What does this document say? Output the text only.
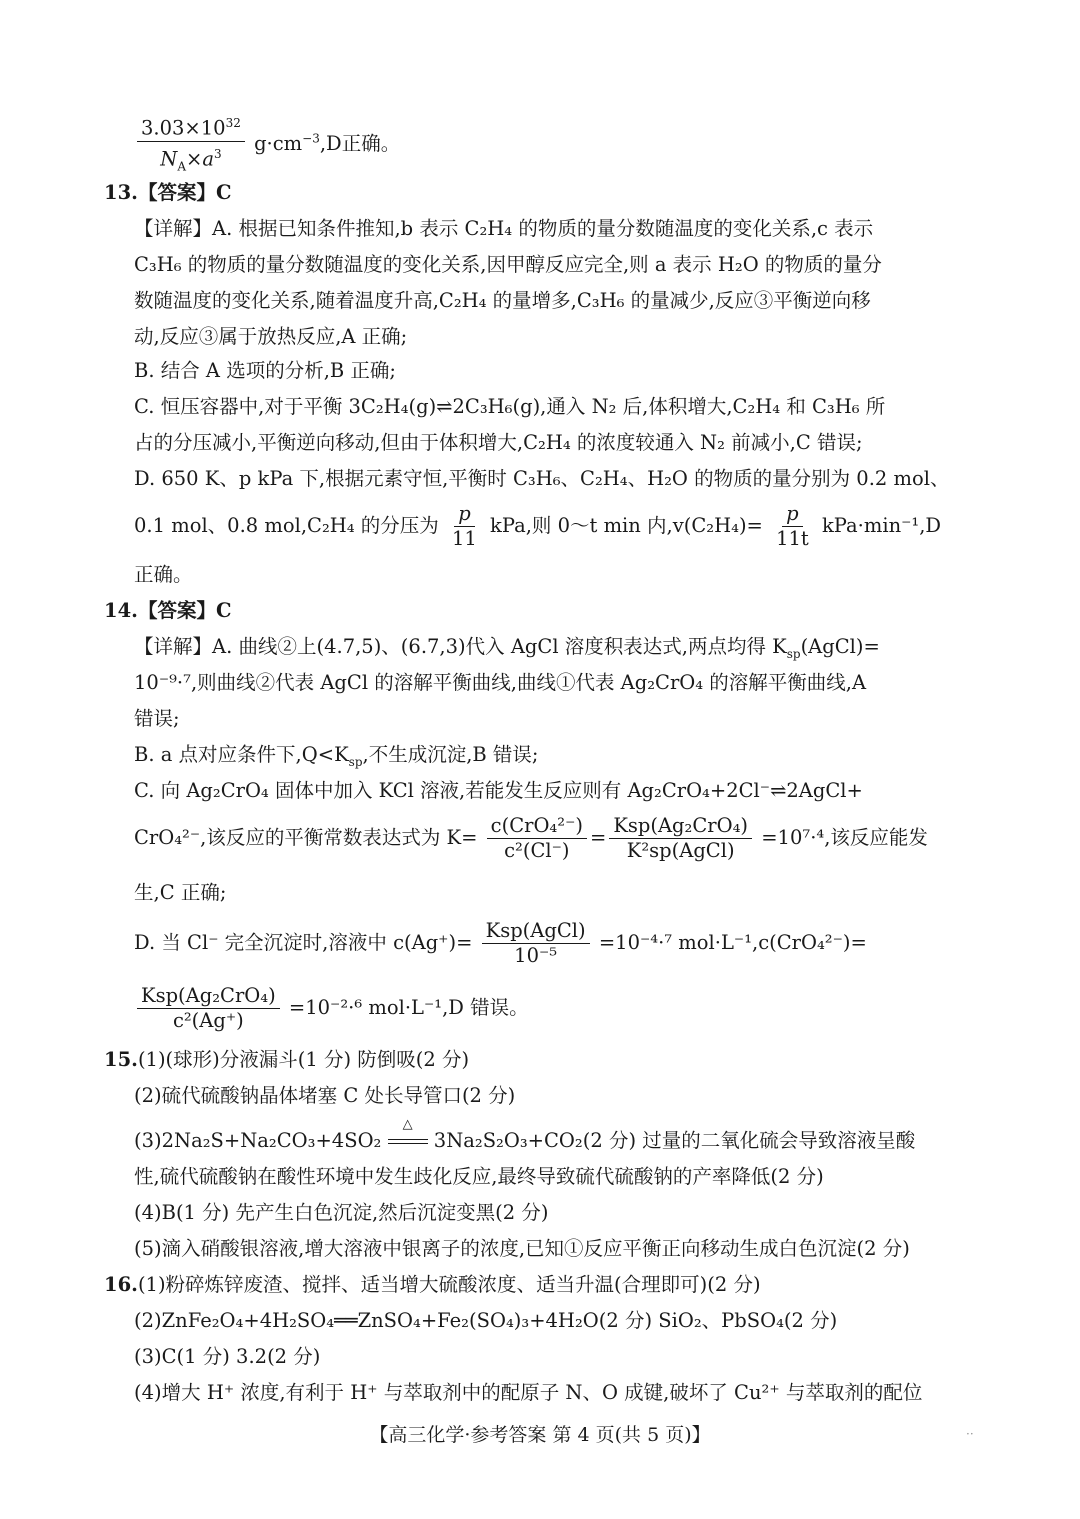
$\frac{3.03\times 10^{32}}{N_A\times a^3} g\cdot cm^{-3},D$正确。
13.【答案】C
【详解】A. 根据已知条件推知,b 表示 C₂H₄ 的物质的量分数随温度的变化关系,c 表示
C₃H₆ 的物质的量分数随温度的变化关系,因甲醇反应完全,则 a 表示 H₂O 的物质的量分
数随温度的变化关系,随着温度升高,C₂H₄ 的量增多,C₃H₆ 的量减少,反应③平衡逆向移
动,反应③属于放热反应,A 正确;
B. 结合 A 选项的分析,B 正确;
C. 恒压容器中,对于平衡 3C₂H₄(g)⇌2C₃H₆(g),通入 N₂ 后,体积增大,C₂H₄ 和 C₃H₆ 所
占的分压减小,平衡逆向移动,但由于体积增大,C₂H₄ 的浓度较通入 N₂ 前减小,C 错误;
D. 650 K、p kPa 下,根据元素守恒,平衡时 C₃H₆、C₂H₄、H₂O 的物质的量分别为 0.2 mol、
0.1 mol、0.8 mol,C₂H₄ 的分压为 $\frac{p}{11}$ kPa,则 0～t min 内$,v(C_2H_4)= \frac{p}{11t} kPa\cdot\min^{-1},D$
正确。
14.【答案】C
【详解】A. 曲线②上(4.7,5)、(6.7,3)代入 AgCl 溶度积表达式,两点均得 $K_{sp}(AgCl)=$
10⁻⁹·⁷,则曲线②代表 AgCl 的溶解平衡曲线,曲线①代表 Ag₂CrO₄ 的溶解平衡曲线,A
错误;
B. a 点对应条件下$,Q<K_{sp}$,不生成沉淀,B 错误;
C. 向 Ag₂CrO₄ 固体中加入 KCl 溶液,若能发生反应则有 Ag₂CrO₄+2Cl⁻⇌2AgCl+
CrO₄²⁻,该反应的平衡常数表达式为 $K= \frac{\text{c(CrO₄²⁻)}}{\text{c²(Cl⁻)}} = \frac{\text{Ksp(Ag₂CrO₄)}}{\text{K²sp(AgCl)}} =10^7\cdot^4$,该反应能发
生,C 正确;
D. 当 Cl⁻ 完全沉淀时,溶液中 $c(Ag^+)= \frac{\text{Ksp(AgCl)}}{\text{10⁻⁵}} =10^{-4}\cdot^7$ mol·L⁻¹,c(CrO₄²⁻)=
$\frac{\text{Ksp(Ag₂CrO₄)}}{\text{c²(Ag⁺)}} =10^{-2}\cdot^6$ mol·L⁻¹,D 错误。
15.(1)(球形)分液漏斗(1 分) 防倒吸(2 分)
(2)硫代硫酸钠晶体堵塞 C 处长导管口(2 分)
(3)2Na₂S+Na₂CO₃+4SO₂
△
3Na₂S₂O₃+CO₂(2 分) 过量的二氧化硫会导致溶液呈酸
性,硫代硫酸钠在酸性环境中发生歧化反应,最终导致硫代硫酸钠的产率降低(2 分)
(4)B(1 分) 先产生白色沉淀,然后沉淀变黑(2 分)
(5)滴入硝酸银溶液,增大溶液中银离子的浓度,已知①反应平衡正向移动生成白色沉淀(2 分)
16.(1)粉碎炼锌废渣、搅拌、适当增大硫酸浓度、适当升温(合理即可)(2 分)
(2)ZnFe₂O₄+4H₂SO₄══ZnSO₄+Fe₂(SO₄)₃+4H₂O(2 分) SiO₂、PbSO₄(2 分)
(3)C(1 分) 3.2(2 分)
(4)增大 H⁺ 浓度,有利于 H⁺ 与萃取剂中的配原子 N、O 成键,破坏了 Cu²⁺ 与萃取剂的配位
【高三化学·参考答案 第 4 页(共 5 页)】	··
